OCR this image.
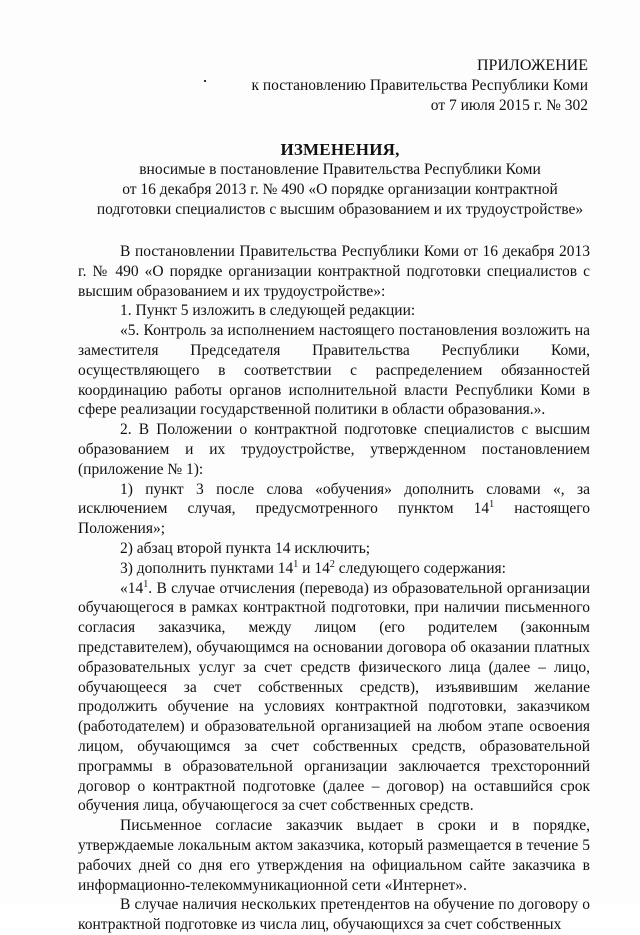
ПРИЛОЖЕНИЕ
к постановлению Правительства Республики Коми
от 7 июля 2015 г. № 302
ИЗМЕНЕНИЯ,
вносимые в постановление Правительства Республики Коми
от 16 декабря 2013 г. № 490 «О порядке организации контрактной
подготовки специалистов с высшим образованием и их трудоустройстве»

В постановлении Правительства Республики Коми от 16 декабря 2013 г. № 490 «О порядке организации контрактной подготовки специалистов с высшим образованием и их трудоустройстве»:

1. Пункт 5 изложить в следующей редакции:

«5. Контроль за исполнением настоящего постановления возложить на заместителя Председателя Правительства Республики Коми, осуществляющего в соответствии с распределением обязанностей координацию работы органов исполнительной власти Республики Коми в сфере реализации государственной политики в области образования.».

2. В Положении о контрактной подготовке специалистов с высшим образованием и их трудоустройстве, утвержденном постановлением (приложение № 1):

1) пункт 3 после слова «обучения» дополнить словами «, за исключением случая, предусмотренного пунктом $14^1$ настоящего Положения»;

2) абзац второй пункта 14 исключить;

3) дополнить пунктами $14^1$ и $14^2$ следующего содержания:

«$14^1$. В случае отчисления (перевода) из образовательной организации обучающегося в рамках контрактной подготовки, при наличии письменного согласия заказчика, между лицом (его родителем (законным представителем), обучающимся на основании договора об оказании платных образовательных услуг за счет средств физического лица (далее – лицо, обучающееся за счет собственных средств), изъявившим желание продолжить обучение на условиях контрактной подготовки, заказчиком (работодателем) и образовательной организацией на любом этапе освоения лицом, обучающимся за счет собственных средств, образовательной программы в образовательной организации заключается трехсторонний договор о контрактной подготовке (далее – договор) на оставшийся срок обучения лица, обучающегося за счет собственных средств.

Письменное согласие заказчик выдает в сроки и в порядке, утверждаемые локальным актом заказчика, который размещается в течение 5 рабочих дней со дня его утверждения на официальном сайте заказчика в информационно-телекоммуникационной сети «Интернет».

В случае наличия нескольких претендентов на обучение по договору о контрактной подготовке из числа лиц, обучающихся за счет собственных
